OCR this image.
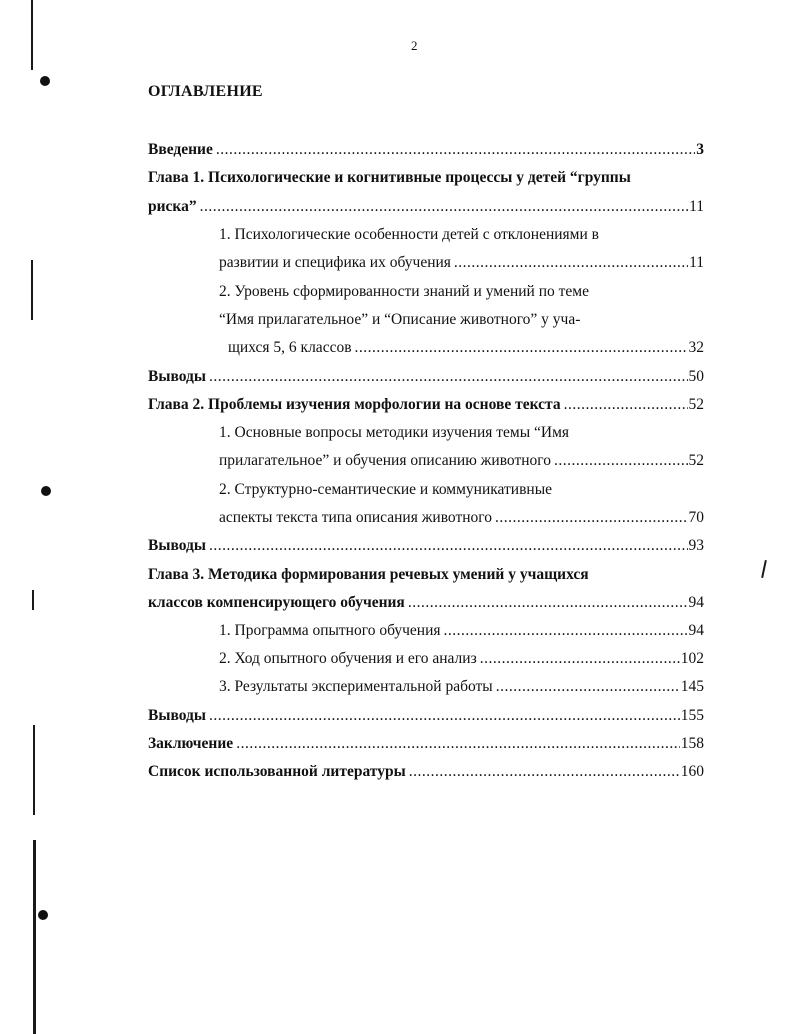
2
ОГЛАВЛЕНИЕ
Введение .....	3
Глава 1. Психологические и когнитивные процессы у детей “группы
риска” .....	11
1. Психологические особенности детей с отклонениями в
развитии и специфика их обучения .....	11
2. Уровень сформированности знаний и умений по теме
“Имя прилагательное” и “Описание животного” у уча-
щихся 5, 6 классов .....	32
Выводы .....	50
Глава 2. Проблемы изучения морфологии на основе текста .....	52
1. Основные вопросы методики изучения темы “Имя
прилагательное” и обучения описанию животного .....	52
2. Структурно-семантические и коммуникативные
аспекты текста типа описания животного .....	70
Выводы .....	93
Глава 3. Методика формирования речевых умений у учащихся
классов компенсирующего обучения .....	94
1. Программа опытного обучения .....	94
2. Ход опытного обучения и его анализ .....	102
3. Результаты экспериментальной работы .....	145
Выводы .....	155
Заключение .....	158
Список использованной литературы .....	160
